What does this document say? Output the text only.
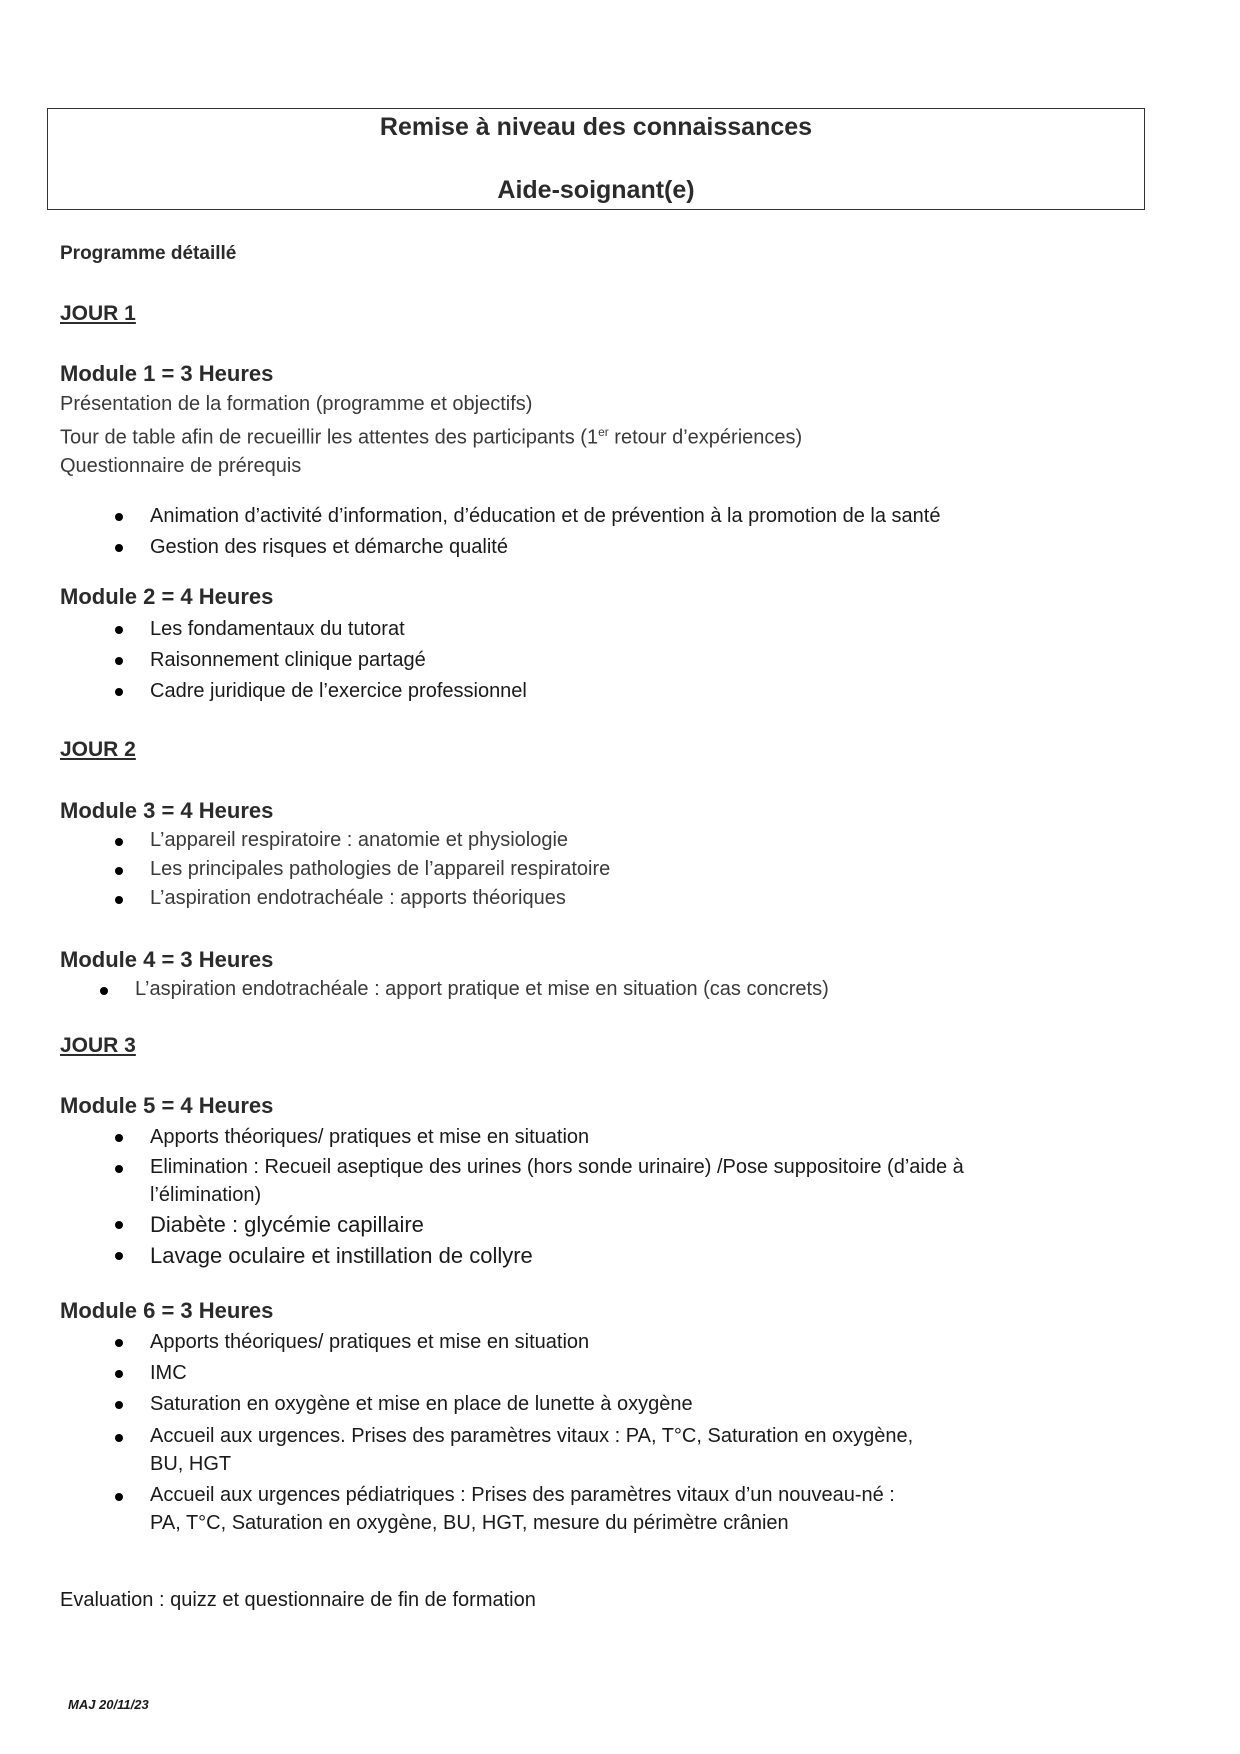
Remise à niveau des connaissances
Aide-soignant(e)
Programme détaillé
JOUR 1
Module 1 = 3 Heures

Présentation de la formation (programme et objectifs)

Tour de table afin de recueillir les attentes des participants (1er retour d’expériences)

Questionnaire de prérequis

Animation d’activité d’information, d’éducation et de prévention à la promotion de la santé
Gestion des risques et démarche qualité
Module 2 = 4 Heures
Les fondamentaux du tutorat
Raisonnement clinique partagé
Cadre juridique de l’exercice professionnel
JOUR 2
Module 3 = 4 Heures
L’appareil respiratoire : anatomie et physiologie
Les principales pathologies de l’appareil respiratoire
L’aspiration endotrachéale : apports théoriques
Module 4 = 3 Heures
L’aspiration endotrachéale : apport pratique et mise en situation (cas concrets)
JOUR 3
Module 5 = 4 Heures
Apports théoriques/ pratiques et mise en situation
Elimination : Recueil aseptique des urines (hors sonde urinaire) /Pose suppositoire (d’aide à
l’élimination)
Diabète : glycémie capillaire
Lavage oculaire et instillation de collyre
Module 6 = 3 Heures
Apports théoriques/ pratiques et mise en situation
IMC
Saturation en oxygène et mise en place de lunette à oxygène
Accueil aux urgences. Prises des paramètres vitaux : PA, T°C, Saturation en oxygène,
BU, HGT
Accueil aux urgences pédiatriques : Prises des paramètres vitaux d’un nouveau-né :
PA, T°C, Saturation en oxygène, BU, HGT, mesure du périmètre crânien
Evaluation : quizz et questionnaire de fin de formation
MAJ 20/11/23
